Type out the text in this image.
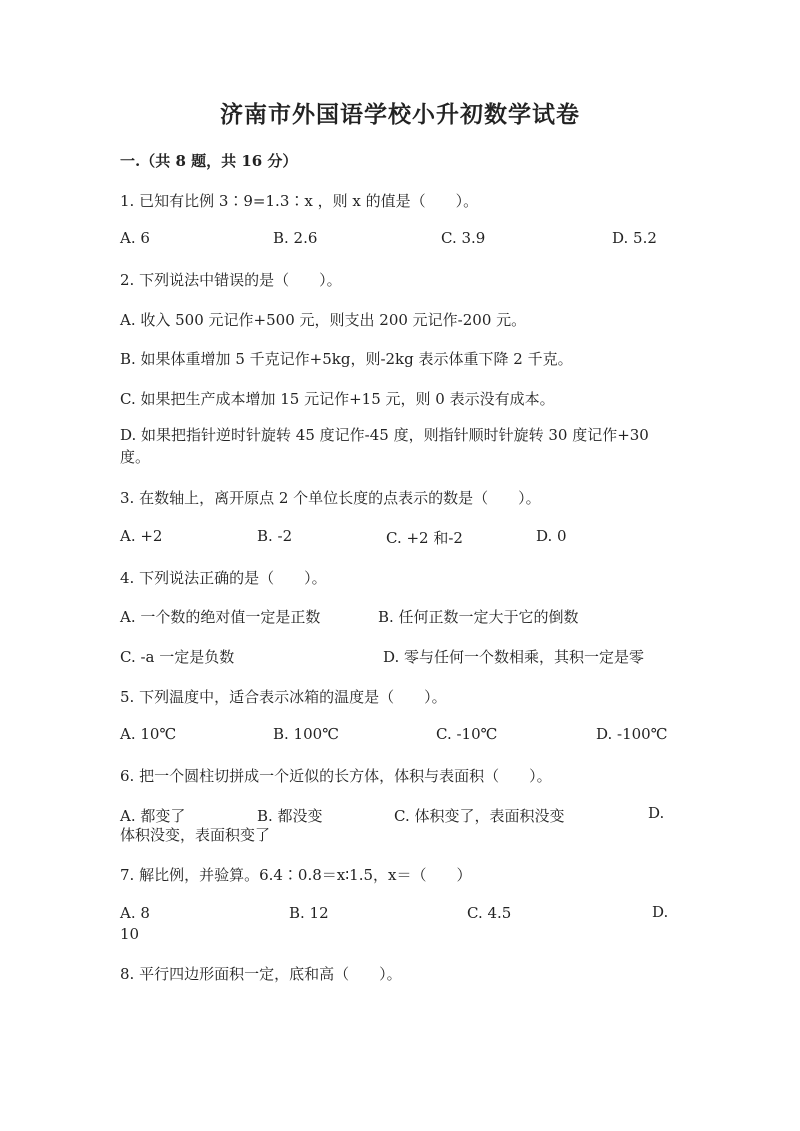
济南市外国语学校小升初数学试卷
一.（共 8 题，共 16 分）
1. 已知有比例 3∶9=1.3∶x ，则 x 的值是（　　）。
A. 6	B. 2.6	C. 3.9	D. 5.2
2. 下列说法中错误的是（　　）。
A. 收入 500 元记作+500 元，则支出 200 元记作-200 元。
B. 如果体重增加 5 千克记作+5kg，则-2kg 表示体重下降 2 千克。
C. 如果把生产成本增加 15 元记作+15 元，则 0 表示没有成本。
D. 如果把指针逆时针旋转 45 度记作-45 度，则指针顺时针旋转 30 度记作+30 度。
3. 在数轴上，离开原点 2 个单位长度的点表示的数是（　　）。
A. +2	B. -2	C. +2 和-2	D. 0
4. 下列说法正确的是（　　）。
A. 一个数的绝对值一定是正数	B. 任何正数一定大于它的倒数
C. -a 一定是负数	D. 零与任何一个数相乘，其积一定是零
5. 下列温度中，适合表示冰箱的温度是（　　）。
A. 10℃	B. 100℃	C. -10℃	D. -100℃
6. 把一个圆柱切拼成一个近似的长方体，体积与表面积（　　）。
A. 都变了	B. 都没变	C. 体积变了，表面积没变	D. 体积没变，表面积变了
7. 解比例，并验算。6.4∶0.8＝x∶1.5，x＝（　　）
A. 8	B. 12	C. 4.5	D. 10
8. 平行四边形面积一定，底和高（　　）。
